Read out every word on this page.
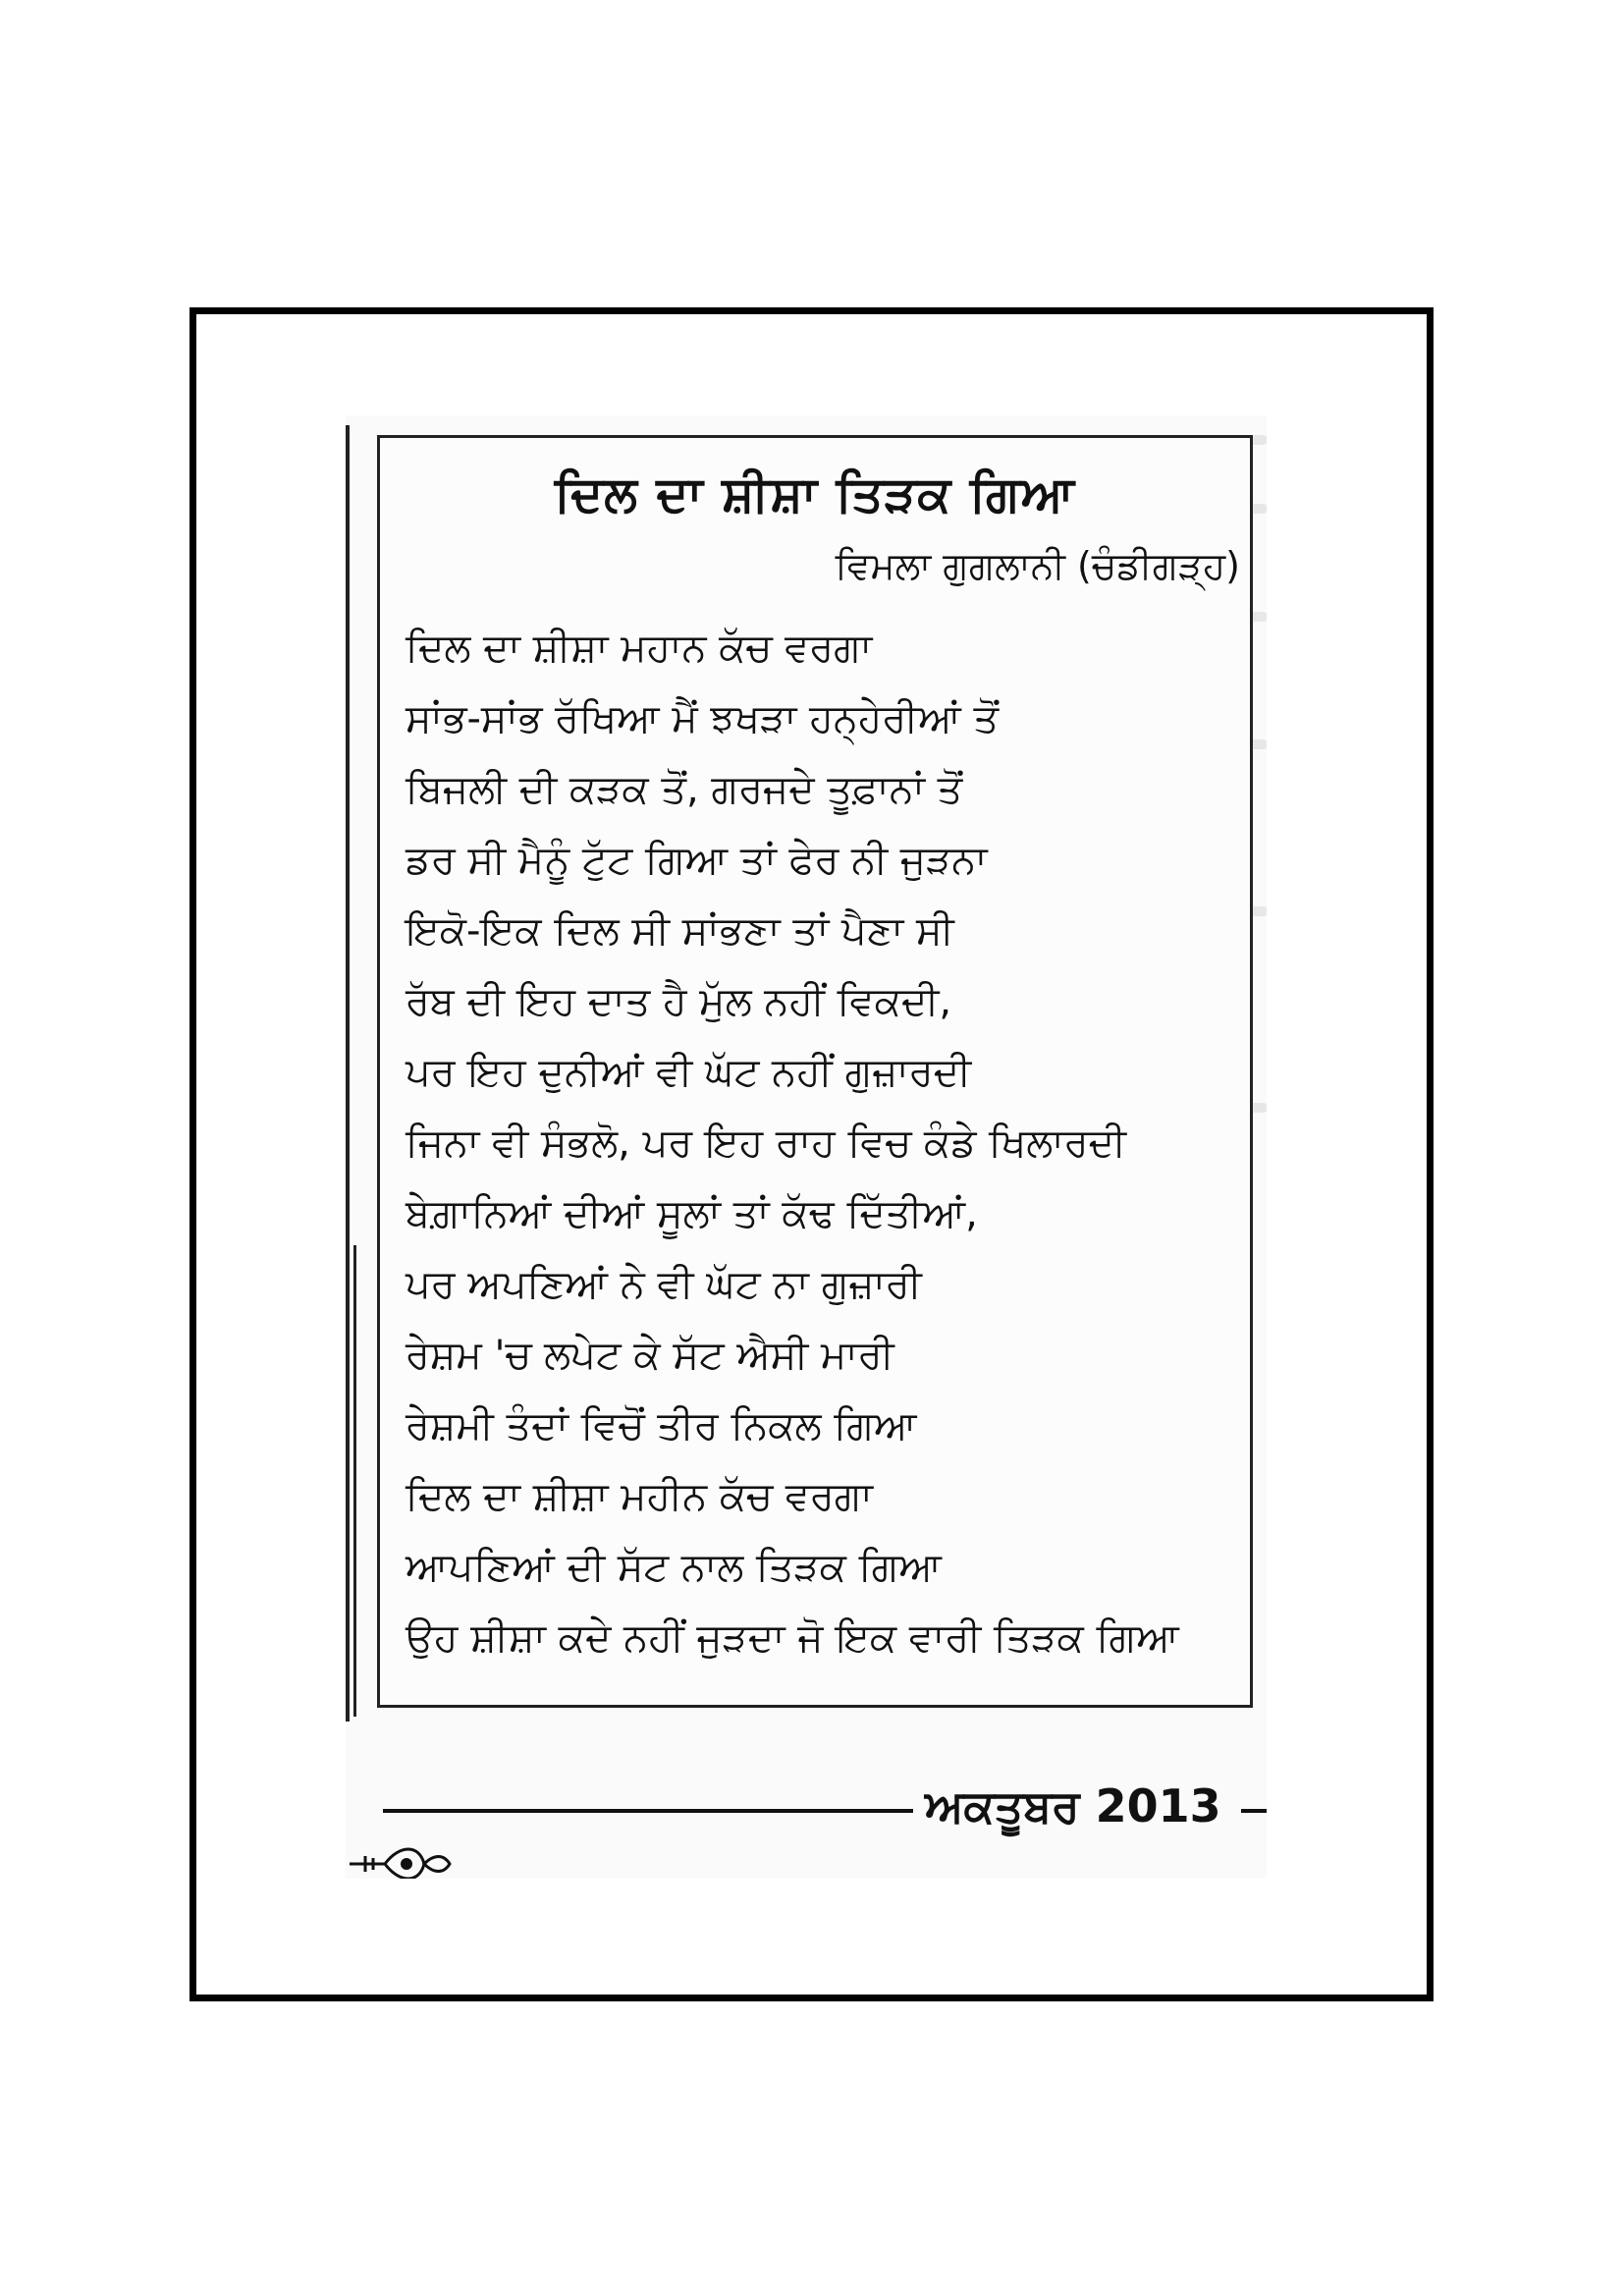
ਦਿਲ ਦਾ ਸ਼ੀਸ਼ਾ ਤਿੜਕ ਗਿਆ
ਵਿਮਲਾ ਗੁਗਲਾਨੀ (ਚੰਡੀਗੜ੍ਹ)
ਦਿਲ ਦਾ ਸ਼ੀਸ਼ਾ ਮਹਾਨ ਕੱਚ ਵਰਗਾ
ਸਾਂਭ-ਸਾਂਭ ਰੱਖਿਆ ਮੈਂ ਝਖੜਾ ਹਨ੍ਹੇਰੀਆਂ ਤੋਂ
ਬਿਜਲੀ ਦੀ ਕੜਕ ਤੋਂ, ਗਰਜਦੇ ਤੂਫ਼ਾਨਾਂ ਤੋਂ
ਡਰ ਸੀ ਮੈਨੂੰ ਟੁੱਟ ਗਿਆ ਤਾਂ ਫੇਰ ਨੀ ਜੁੜਨਾ
ਇਕੋ-ਇਕ ਦਿਲ ਸੀ ਸਾਂਭਣਾ ਤਾਂ ਪੈਣਾ ਸੀ
ਰੱਬ ਦੀ ਇਹ ਦਾਤ ਹੈ ਮੁੱਲ ਨਹੀਂ ਵਿਕਦੀ,
ਪਰ ਇਹ ਦੁਨੀਆਂ ਵੀ ਘੱਟ ਨਹੀਂ ਗੁਜ਼ਾਰਦੀ
ਜਿਨਾ ਵੀ ਸੰਭਲੋ, ਪਰ ਇਹ ਰਾਹ ਵਿਚ ਕੰਡੇ ਖਿਲਾਰਦੀ
ਬੇਗ਼ਾਨਿਆਂ ਦੀਆਂ ਸੂਲਾਂ ਤਾਂ ਕੱਢ ਦਿੱਤੀਆਂ,
ਪਰ ਅਪਣਿਆਂ ਨੇ ਵੀ ਘੱਟ ਨਾ ਗੁਜ਼ਾਰੀ
ਰੇਸ਼ਮ 'ਚ ਲਪੇਟ ਕੇ ਸੱਟ ਐਸੀ ਮਾਰੀ
ਰੇਸ਼ਮੀ ਤੰਦਾਂ ਵਿਚੋਂ ਤੀਰ ਨਿਕਲ ਗਿਆ
ਦਿਲ ਦਾ ਸ਼ੀਸ਼ਾ ਮਹੀਨ ਕੱਚ ਵਰਗਾ
ਆਪਣਿਆਂ ਦੀ ਸੱਟ ਨਾਲ ਤਿੜਕ ਗਿਆ
ਉਹ ਸ਼ੀਸ਼ਾ ਕਦੇ ਨਹੀਂ ਜੁੜਦਾ ਜੋ ਇਕ ਵਾਰੀ ਤਿੜਕ ਗਿਆ
ਅਕਤੂਬਰ 2013
